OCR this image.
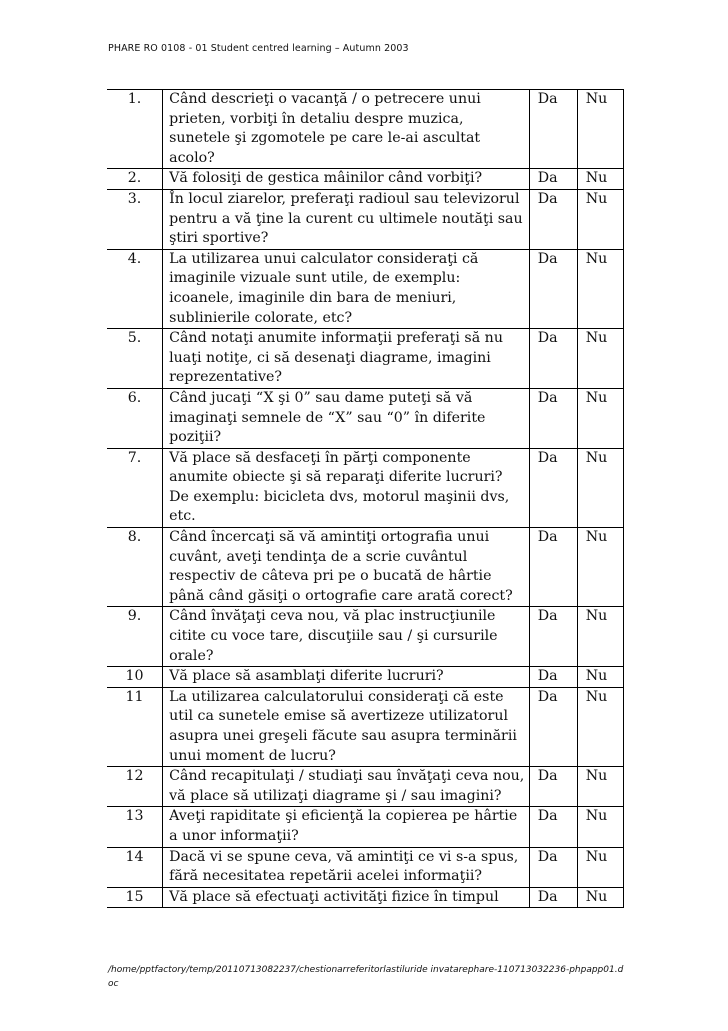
PHARE RO 0108 - 01 Student centred learning – Autumn 2003
1.	Când descrieţi o vacanţă / o petrecere unui prieten, vorbiţi în detaliu despre muzica, sunetele şi zgomotele pe care le-ai ascultat acolo?	Da	Nu
2.	Vă folosiţi de gestica mâinilor când vorbiţi?	Da	Nu
3.	În locul ziarelor, preferaţi radioul sau televizorul pentru a vă ţine la curent cu ultimele noutăţi sau ştiri sportive?	Da	Nu
4.	La utilizarea unui calculator consideraţi că imaginile vizuale sunt utile, de exemplu: icoanele, imaginile din bara de meniuri, sublinierile colorate, etc?	Da	Nu
5.	Când notaţi anumite informaţii preferaţi să nu luaţi notiţe, ci să desenaţi diagrame, imagini reprezentative?	Da	Nu
6.	Când jucaţi “X şi 0” sau dame puteţi să vă imaginaţi semnele de “X” sau “0” în diferite poziţii?	Da	Nu
7.	Vă place să desfaceţi în părţi componente anumite obiecte şi să reparaţi diferite lucruri? De exemplu: bicicleta dvs, motorul maşinii dvs, etc.	Da	Nu
8.	Când încercaţi să vă amintiţi ortografia unui cuvânt, aveţi tendinţa de a scrie cuvântul respectiv de câteva pri pe o bucată de hârtie până când găsiţi o ortografie care arată corect?	Da	Nu
9.	Când învăţaţi ceva nou, vă plac instrucţiunile citite cu voce tare, discuţiile sau / şi cursurile orale?	Da	Nu
10	Vă place să asamblaţi diferite lucruri?	Da	Nu
11	La utilizarea calculatorului consideraţi că este util ca sunetele emise să avertizeze utilizatorul asupra unei greşeli făcute sau asupra terminării unui moment de lucru?	Da	Nu
12	Când recapitulaţi / studiaţi sau învăţaţi ceva nou, vă place să utilizaţi diagrame şi / sau imagini?	Da	Nu
13	Aveţi rapiditate şi eficienţă la copierea pe hârtie a unor informaţii?	Da	Nu
14	Dacă vi se spune ceva, vă amintiţi ce vi s-a spus, fără necesitatea repetării acelei informaţii?	Da	Nu
15	Vă place să efectuaţi activităţi fizice în timpul	Da	Nu
/home/pptfactory/temp/20110713082237/chestionarreferitorlastiluride invatarephare-110713032236-phpapp01.doc
